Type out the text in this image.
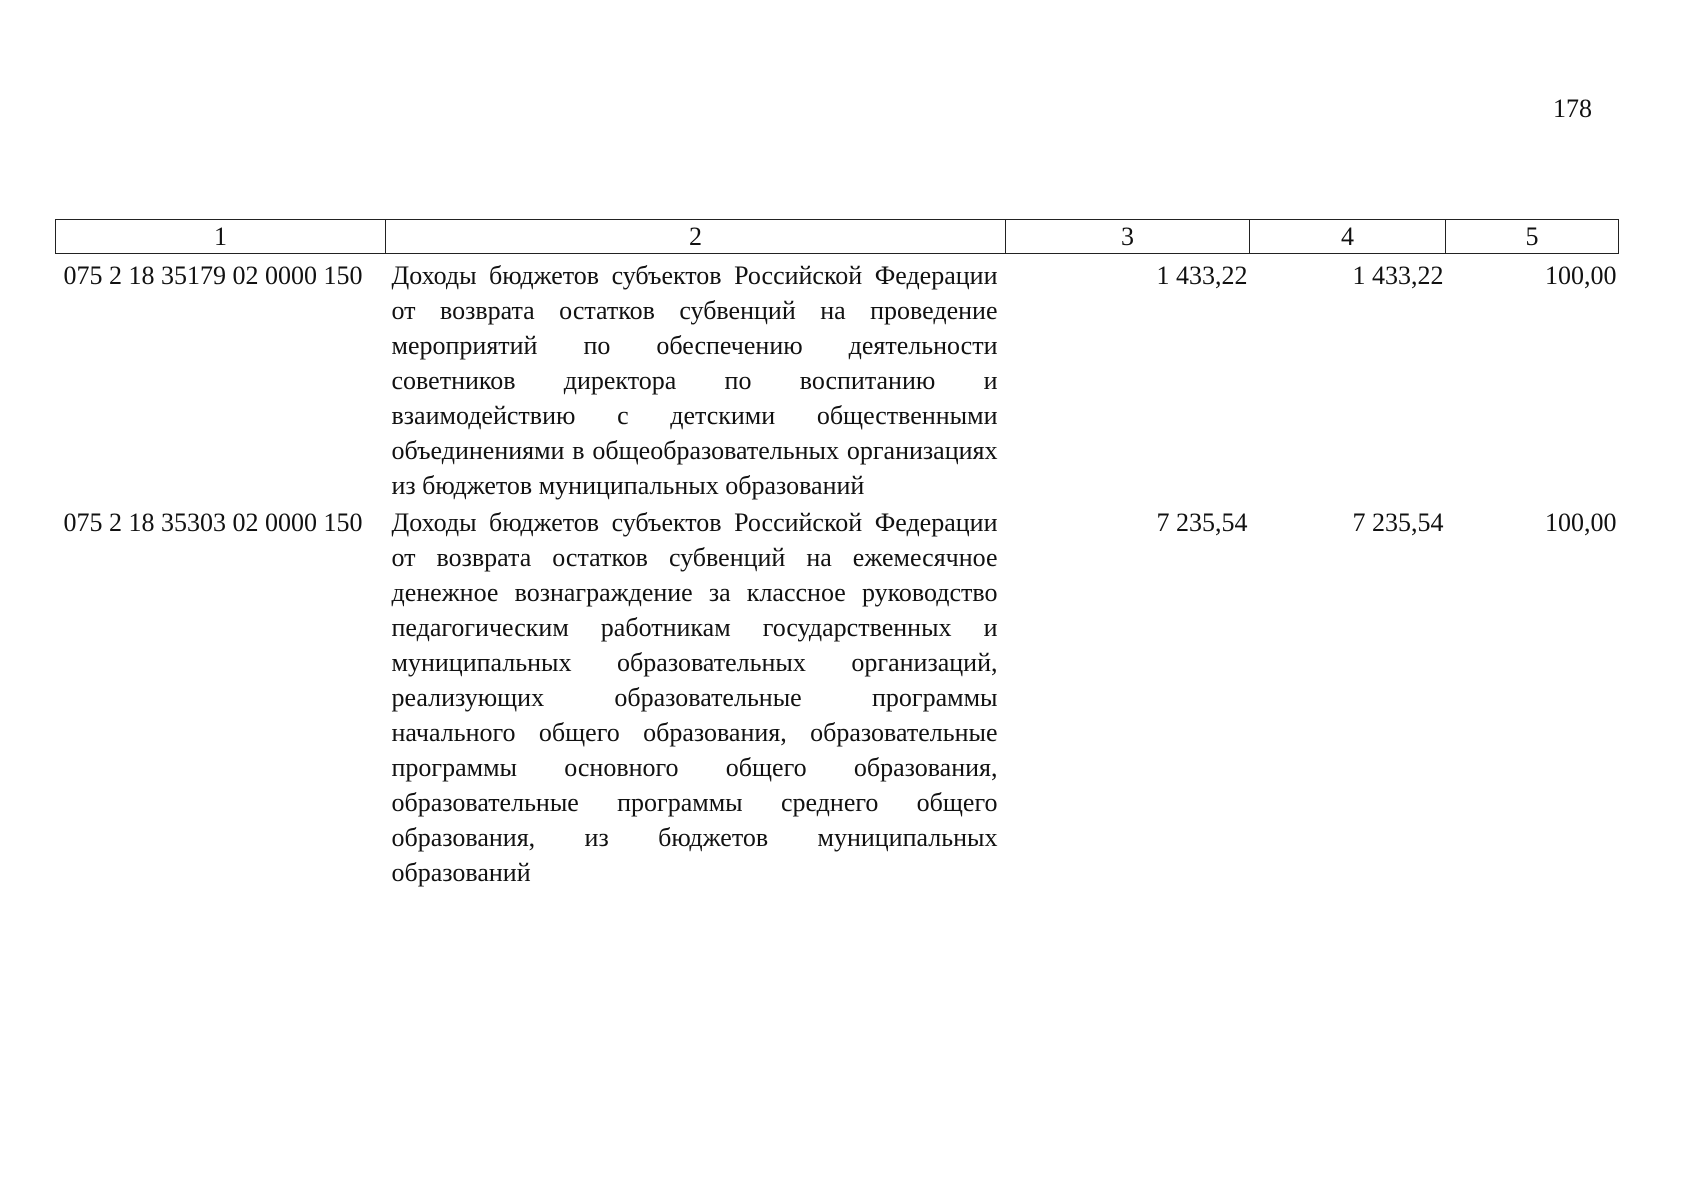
178
1	2	3	4	5
075 2 18 35179 02 0000 150	Доходы бюджетов субъектов Российской Федерации от возврата остатков субвенций на проведение мероприятий по обеспечению деятельности советников директора по воспитанию и взаимодействию с детскими общественными объединениями в общеобразовательных организациях из бюджетов муниципальных образований	1 433,22	1 433,22	100,00
075 2 18 35303 02 0000 150	Доходы бюджетов субъектов Российской Федерации от возврата остатков субвенций на ежемесячное денежное вознаграждение за классное руководство педагогическим работникам государственных и муниципальных образовательных организаций, реализующих образовательные программы начального общего образования, образовательные программы основного общего образования, образовательные программы среднего общего образования, из бюджетов муниципальных образований	7 235,54	7 235,54	100,00
